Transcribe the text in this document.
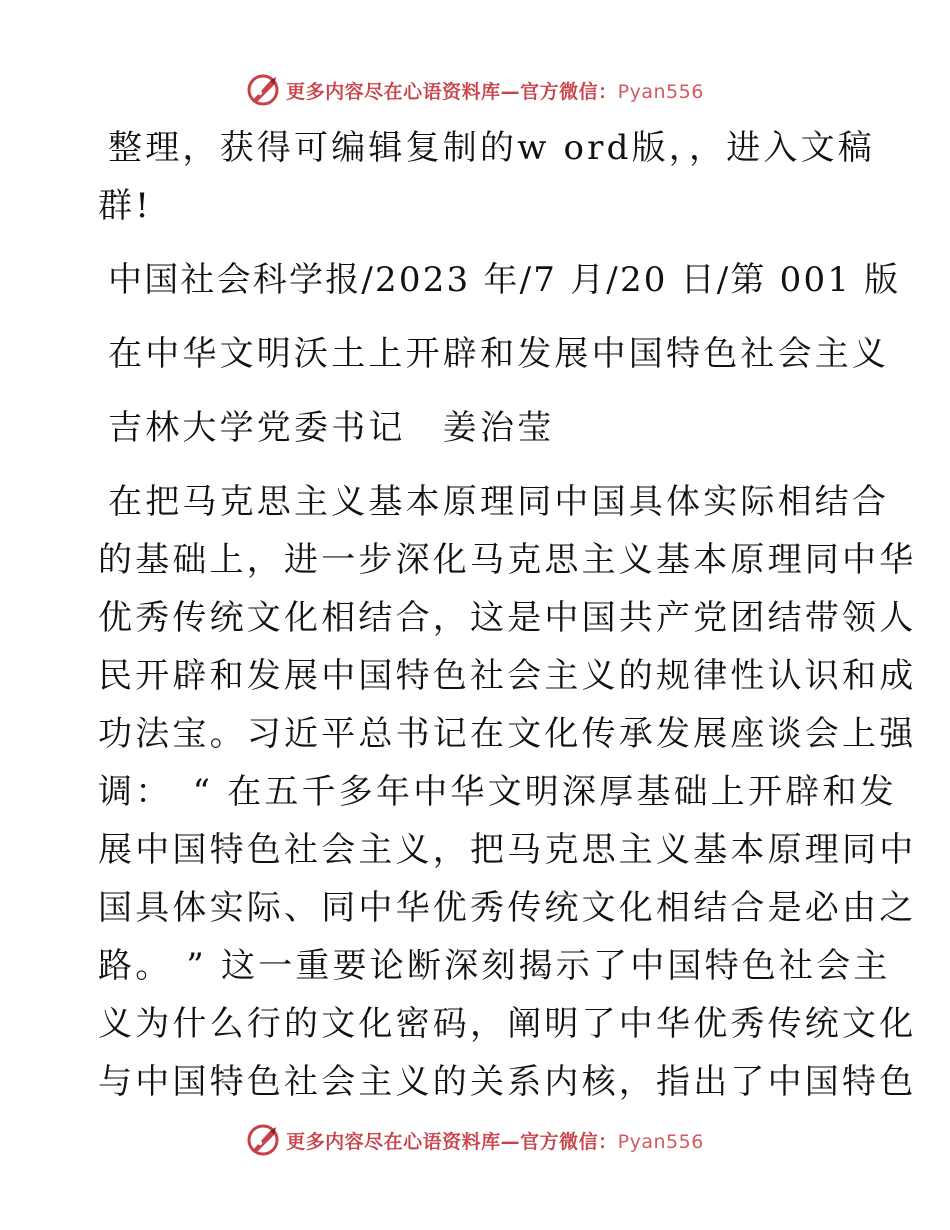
更多内容尽在心语资料库—官方微信：Pyan556
整理，获得可编辑复制的w ord版，，进入文稿
群!
中国社会科学报/2023 年/7 月/20 日/第 001 版
在中华文明沃土上开辟和发展中国特色社会主义
吉林大学党委书记　姜治莹
在把马克思主义基本原理同中国具体实际相结合
的基础上，进一步深化马克思主义基本原理同中华
优秀传统文化相结合，这是中国共产党团结带领人
民开辟和发展中国特色社会主义的规律性认识和成
功法宝。习近平总书记在文化传承发展座谈会上强
调：　“ 在五千多年中华文明深厚基础上开辟和发
展中国特色社会主义，把马克思主义基本原理同中
国具体实际、同中华优秀传统文化相结合是必由之
路。 ” 这一重要论断深刻揭示了中国特色社会主
义为什么行的文化密码，阐明了中华优秀传统文化
与中国特色社会主义的关系内核，指出了中国特色
更多内容尽在心语资料库—官方微信：Pyan556
